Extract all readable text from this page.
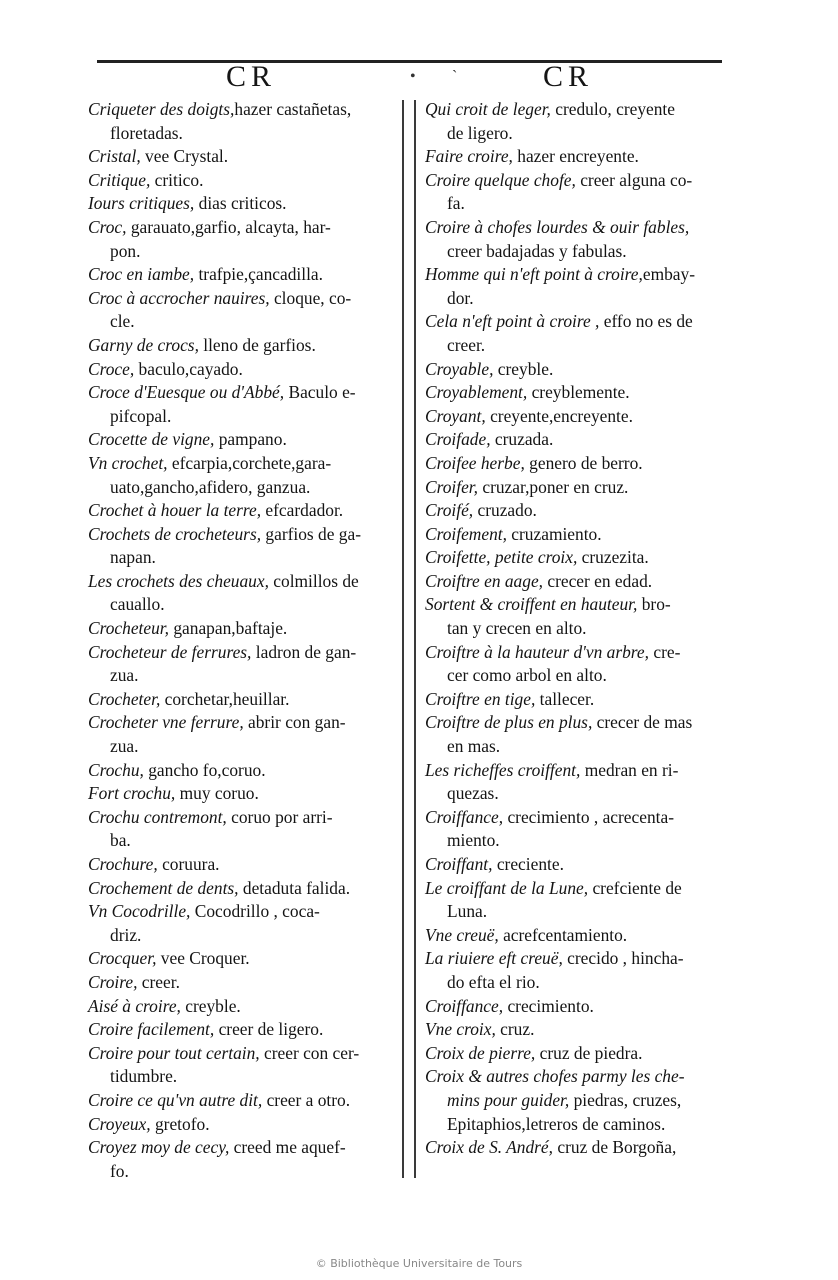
CR	• ˋ	CR
Criqueter des doigts,hazer castañetas,
floretadas.
Cristal, vee Crystal.
Critique, critico.
Iours critiques, dias criticos.
Croc, garauato,garfio, alcayta, har-
pon.
Croc en iambe, trafpie,çancadilla.
Croc à accrocher nauires, cloque, co-
cle.
Garny de crocs, lleno de garfios.
Croce, baculo,cayado.
Croce d'Euesque ou d'Abbé, Baculo e-
pifcopal.
Crocette de vigne, pampano.
Vn crochet, efcarpia,corchete,gara-
uato,gancho,afidero, ganzua.
Crochet à houer la terre, efcardador.
Crochets de crocheteurs, garfios de ga-
napan.
Les crochets des cheuaux, colmillos de
cauallo.
Crocheteur, ganapan,baftaje.
Crocheteur de ferrures, ladron de gan-
zua.
Crocheter, corchetar,heuillar.
Crocheter vne ferrure, abrir con gan-
zua.
Crochu, gancho fo,coruo.
Fort crochu, muy coruo.
Crochu contremont, coruo por arri-
ba.
Crochure, coruura.
Crochement de dents, detaduta falida.
Vn Cocodrille, Cocodrillo , coca-
driz.
Crocquer, vee Croquer.
Croire, creer.
Aisé à croire, creyble.
Croire facilement, creer de ligero.
Croire pour tout certain, creer con cer-
tidumbre.
Croire ce qu'vn autre dit, creer a otro.
Croyeux, gretofo.
Croyez moy de cecy, creed me aquef-
fo.
Qui croit de leger, credulo, creyente
de ligero.
Faire croire, hazer encreyente.
Croire quelque chofe, creer alguna co-
fa.
Croire à chofes lourdes & ouir fables,
creer badajadas y fabulas.
Homme qui n'eft point à croire,embay-
dor.
Cela n'eft point à croire , effo no es de
creer.
Croyable, creyble.
Croyablement, creyblemente.
Croyant, creyente,encreyente.
Croifade, cruzada.
Croifee herbe, genero de berro.
Croifer, cruzar,poner en cruz.
Croifé, cruzado.
Croifement, cruzamiento.
Croifette, petite croix, cruzezita.
Croiftre en aage, crecer en edad.
Sortent & croiffent en hauteur, bro-
tan y crecen en alto.
Croiftre à la hauteur d'vn arbre, cre-
cer como arbol en alto.
Croiftre en tige, tallecer.
Croiftre de plus en plus, crecer de mas
en mas.
Les richeffes croiffent, medran en ri-
quezas.
Croiffance, crecimiento , acrecenta-
miento.
Croiffant, creciente.
Le croiffant de la Lune, crefciente de
Luna.
Vne creuë, acrefcentamiento.
La riuiere eft creuë, crecido , hincha-
do efta el rio.
Croiffance, crecimiento.
Vne croix, cruz.
Croix de pierre, cruz de piedra.
Croix & autres chofes parmy les che-
mins pour guider, piedras, cruzes,
Epitaphios,letreros de caminos.
Croix de S. André, cruz de Borgoña,
© Bibliothèque Universitaire de Tours
